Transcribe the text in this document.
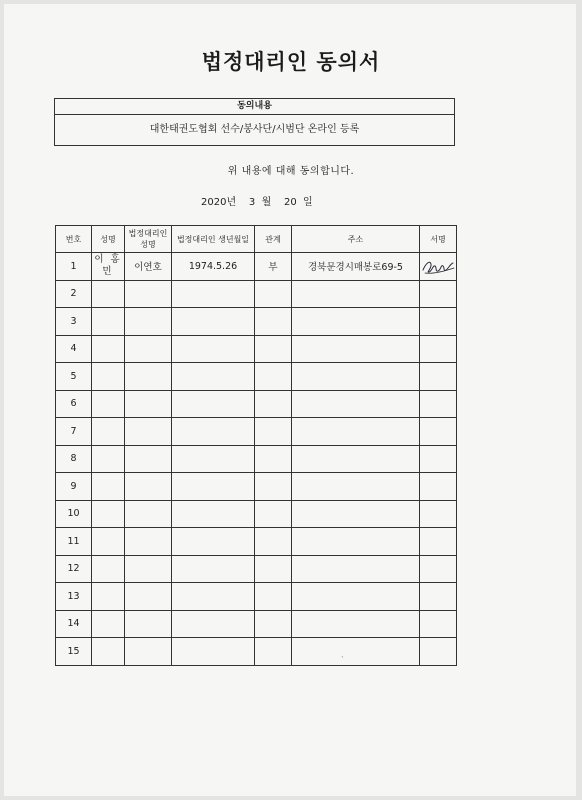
법정대리인 동의서
동의내용
대한태권도협회 선수/봉사단/시범단 온라인 등록
위 내용에 대해 동의합니다.
2020년 3 월 20 일
번호	성명	법정대리인 성명	법정대리인 생년월일	관계	주소	서명
1	이 홍 민	이연호	1974.5.26	부	경북문경시매봉로69-5	

2						
3						
4						
5						
6						
7						
8						
9						
10						
11						
12						
13						
14						
15						
ˋ
